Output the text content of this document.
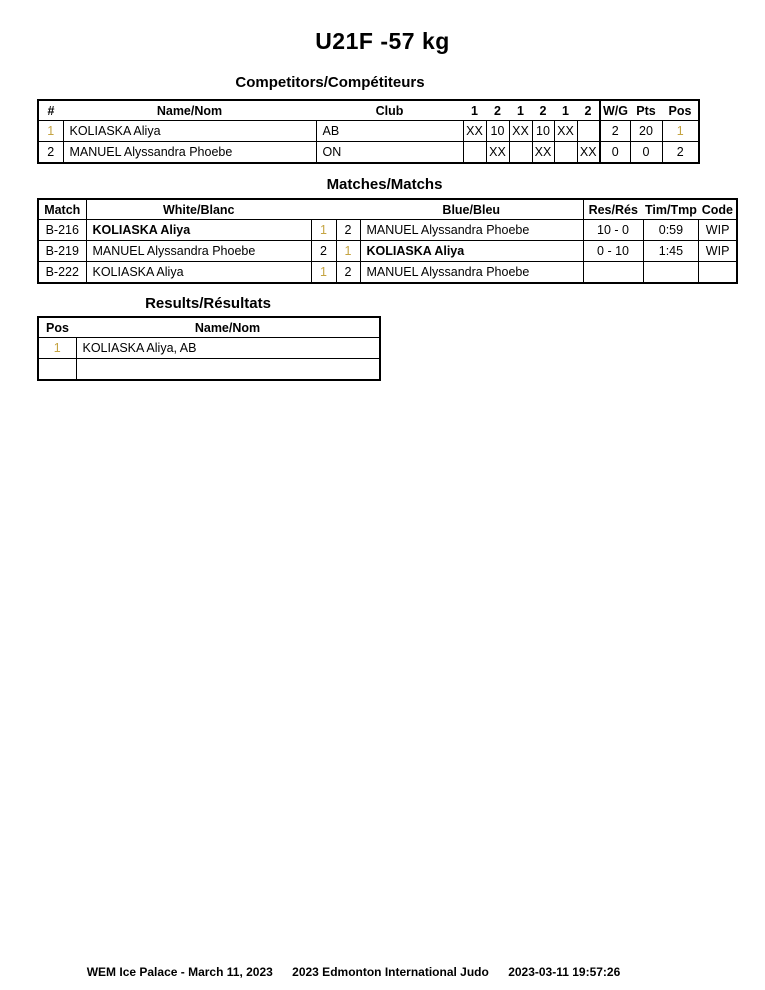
U21F -57 kg
Competitors/Compétiteurs
#	Name/Nom	Club	1	2	1	2	1	2	W/G	Pts	Pos
1	KOLIASKA Aliya	AB	XX	10	XX	10	XX		2	20	1
2	MANUEL Alyssandra Phoebe	ON		XX		XX		XX	0	0	2
Matches/Matchs
Match	White/Blanc			Blue/Bleu	Res/Rés	Tim/Tmp	Code
B-216	KOLIASKA Aliya	1	2	MANUEL Alyssandra Phoebe	10 - 0	0:59	WIP
B-219	MANUEL Alyssandra Phoebe	2	1	KOLIASKA Aliya	0 - 10	1:45	WIP
B-222	KOLIASKA Aliya	1	2	MANUEL Alyssandra Phoebe			
Results/Résultats
Pos	Name/Nom
1	KOLIASKA Aliya, AB

WEM Ice Palace - March 11, 2023 2023 Edmonton International Judo 2023-03-11 19:57:26
